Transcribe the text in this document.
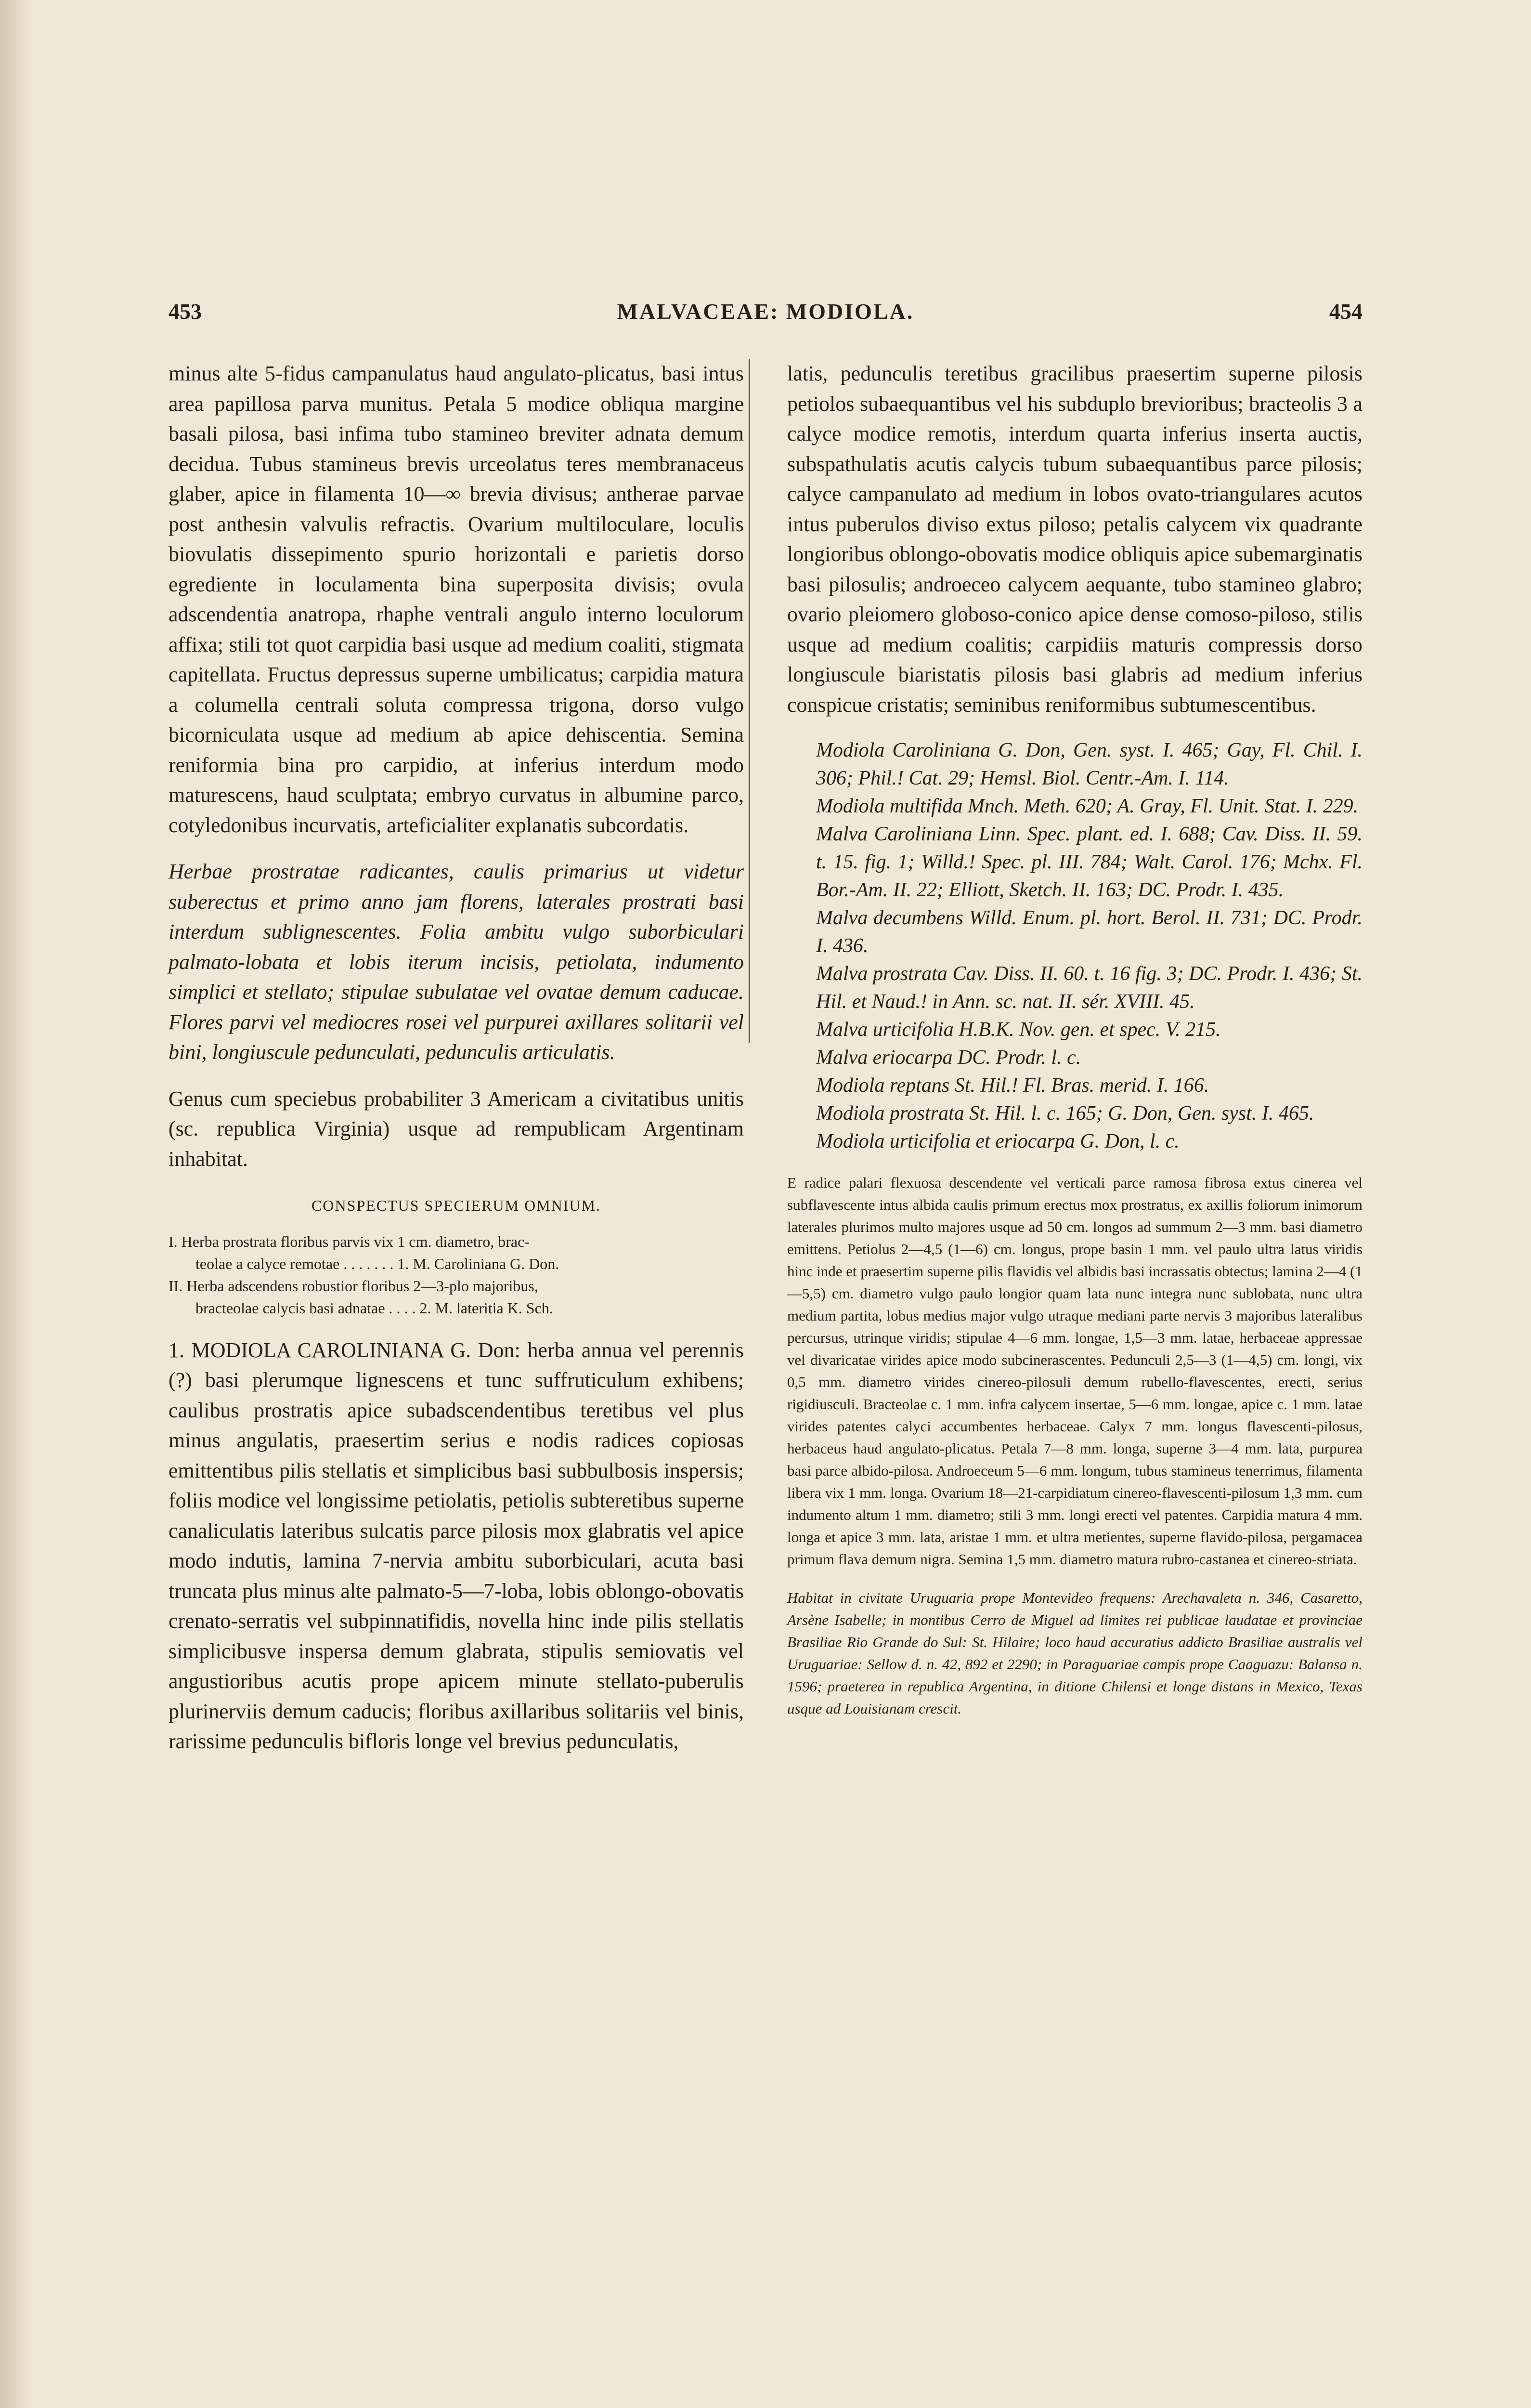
453	MALVACEAE: MODIOLA.	454

minus alte 5-fidus campanulatus haud angulato-plicatus, basi intus area papillosa parva munitus. Petala 5 modice obliqua margine basali pilosa, basi infima tubo stamineo breviter adnata demum decidua. Tubus stamineus brevis urceolatus teres membranaceus glaber, apice in filamenta 10—∞ brevia divisus; antherae parvae post anthesin valvulis refractis. Ovarium multiloculare, loculis biovulatis dissepimento spurio horizontali e parietis dorso egrediente in loculamenta bina superposita divisis; ovula adscendentia anatropa, rhaphe ventrali angulo interno loculorum affixa; stili tot quot carpidia basi usque ad medium coaliti, stigmata capitellata. Fructus depressus superne umbilicatus; carpidia matura a columella centrali soluta compressa trigona, dorso vulgo bicorniculata usque ad medium ab apice dehiscentia. Semina reniformia bina pro carpidio, at inferius interdum modo maturescens, haud sculptata; embryo curvatus in albumine parco, cotyledonibus incurvatis, arteficialiter explanatis subcordatis.

Herbae prostratae radicantes, caulis primarius ut videtur suberectus et primo anno jam florens, laterales prostrati basi interdum sublignescentes. Folia ambitu vulgo suborbiculari palmato-lobata et lobis iterum incisis, petiolata, indumento simplici et stellato; stipulae subulatae vel ovatae demum caducae. Flores parvi vel mediocres rosei vel purpurei axillares solitarii vel bini, longiuscule pedunculati, pedunculis articulatis.

Genus cum speciebus probabiliter 3 Americam a civitatibus unitis (sc. republica Virginia) usque ad rempublicam Argentinam inhabitat.

CONSPECTUS SPECIERUM OMNIUM.

I. Herba prostrata floribus parvis vix 1 cm. diametro, brac-

teolae a calyce remotae . . . . . . . 1. M. Caroliniana G. Don.

II. Herba adscendens robustior floribus 2—3-plo majoribus,

bracteolae calycis basi adnatae . . . . 2. M. lateritia K. Sch.

1. MODIOLA CAROLINIANA G. Don: herba annua vel perennis (?) basi plerumque lignescens et tunc suffruticulum exhibens; caulibus prostratis apice subadscendentibus teretibus vel plus minus angulatis, praesertim serius e nodis radices copiosas emittentibus pilis stellatis et simplicibus basi subbulbosis inspersis; foliis modice vel longissime petiolatis, petiolis subteretibus superne canaliculatis lateribus sulcatis parce pilosis mox glabratis vel apice modo indutis, lamina 7-nervia ambitu suborbiculari, acuta basi truncata plus minus alte palmato-5—7-loba, lobis oblongo-obovatis crenato-serratis vel subpinnatifidis, novella hinc inde pilis stellatis simplicibusve inspersa demum glabrata, stipulis semiovatis vel angustioribus acutis prope apicem minute stellato-puberulis plurinerviis demum caducis; floribus axillaribus solitariis vel binis, rarissime pedunculis bifloris longe vel brevius pedunculatis,

latis, pedunculis teretibus gracilibus praesertim superne pilosis petiolos subaequantibus vel his subduplo brevioribus; bracteolis 3 a calyce modice remotis, interdum quarta inferius inserta auctis, subspathulatis acutis calycis tubum subaequantibus parce pilosis; calyce campanulato ad medium in lobos ovato-triangulares acutos intus puberulos diviso extus piloso; petalis calycem vix quadrante longioribus oblongo-obovatis modice obliquis apice subemarginatis basi pilosulis; androeceo calycem aequante, tubo stamineo glabro; ovario pleiomero globoso-conico apice dense comoso-piloso, stilis usque ad medium coalitis; carpidiis maturis compressis dorso longiuscule biaristatis pilosis basi glabris ad medium inferius conspicue cristatis; seminibus reniformibus subtumescentibus.

Modiola Caroliniana G. Don, Gen. syst. I. 465; Gay, Fl. Chil. I. 306; Phil.! Cat. 29; Hemsl. Biol. Centr.-Am. I. 114.

Modiola multifida Mnch. Meth. 620; A. Gray, Fl. Unit. Stat. I. 229.

Malva Caroliniana Linn. Spec. plant. ed. I. 688; Cav. Diss. II. 59. t. 15. fig. 1; Willd.! Spec. pl. III. 784; Walt. Carol. 176; Mchx. Fl. Bor.-Am. II. 22; Elliott, Sketch. II. 163; DC. Prodr. I. 435.

Malva decumbens Willd. Enum. pl. hort. Berol. II. 731; DC. Prodr. I. 436.

Malva prostrata Cav. Diss. II. 60. t. 16 fig. 3; DC. Prodr. I. 436; St. Hil. et Naud.! in Ann. sc. nat. II. sér. XVIII. 45.

Malva urticifolia H.B.K. Nov. gen. et spec. V. 215.

Malva eriocarpa DC. Prodr. l. c.

Modiola reptans St. Hil.! Fl. Bras. merid. I. 166.

Modiola prostrata St. Hil. l. c. 165; G. Don, Gen. syst. I. 465.

Modiola urticifolia et eriocarpa G. Don, l. c.

E radice palari flexuosa descendente vel verticali parce ramosa fibrosa extus cinerea vel subflavescente intus albida caulis primum erectus mox prostratus, ex axillis foliorum inimorum laterales plurimos multo majores usque ad 50 cm. longos ad summum 2—3 mm. basi diametro emittens. Petiolus 2—4,5 (1—6) cm. longus, prope basin 1 mm. vel paulo ultra latus viridis hinc inde et praesertim superne pilis flavidis vel albidis basi incrassatis obtectus; lamina 2—4 (1—5,5) cm. diametro vulgo paulo longior quam lata nunc integra nunc sublobata, nunc ultra medium partita, lobus medius major vulgo utraque mediani parte nervis 3 majoribus lateralibus percursus, utrinque viridis; stipulae 4—6 mm. longae, 1,5—3 mm. latae, herbaceae appressae vel divaricatae virides apice modo subcinerascentes. Pedunculi 2,5—3 (1—4,5) cm. longi, vix 0,5 mm. diametro virides cinereo-pilosuli demum rubello-flavescentes, erecti, serius rigidiusculi. Bracteolae c. 1 mm. infra calycem insertae, 5—6 mm. longae, apice c. 1 mm. latae virides patentes calyci accumbentes herbaceae. Calyx 7 mm. longus flavescenti-pilosus, herbaceus haud angulato-plicatus. Petala 7—8 mm. longa, superne 3—4 mm. lata, purpurea basi parce albido-pilosa. Androeceum 5—6 mm. longum, tubus stamineus tenerrimus, filamenta libera vix 1 mm. longa. Ovarium 18—21-carpidiatum cinereo-flavescenti-pilosum 1,3 mm. cum indumento altum 1 mm. diametro; stili 3 mm. longi erecti vel patentes. Carpidia matura 4 mm. longa et apice 3 mm. lata, aristae 1 mm. et ultra metientes, superne flavido-pilosa, pergamacea primum flava demum nigra. Semina 1,5 mm. diametro matura rubro-castanea et cinereo-striata.

Habitat in civitate Uruguaria prope Montevideo frequens: Arechavaleta n. 346, Casaretto, Arsène Isabelle; in montibus Cerro de Miguel ad limites rei publicae laudatae et provinciae Brasiliae Rio Grande do Sul: St. Hilaire; loco haud accuratius addicto Brasiliae australis vel Uruguariae: Sellow d. n. 42, 892 et 2290; in Paraguariae campis prope Caaguazu: Balansa n. 1596; praeterea in republica Argentina, in ditione Chilensi et longe distans in Mexico, Texas usque ad Louisianam crescit.
